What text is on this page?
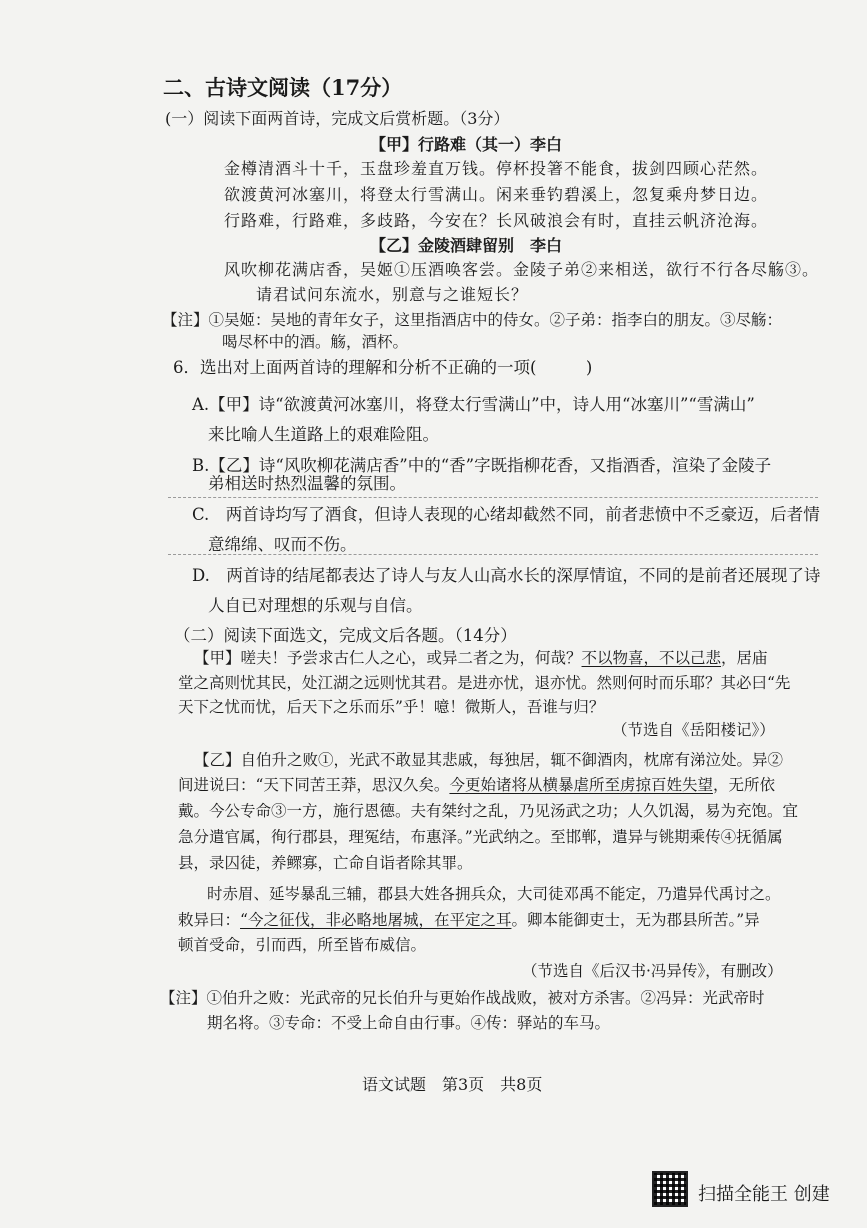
二、古诗文阅读（17分）
(一）阅读下面两首诗，完成文后赏析题。（3分）
【甲】行路难（其一）李白
金樽清酒斗十千，玉盘珍羞直万钱。停杯投箸不能食，拔剑四顾心茫然。
欲渡黄河冰塞川，将登太行雪满山。闲来垂钓碧溪上，忽复乘舟梦日边。
行路难，行路难，多歧路，今安在？长风破浪会有时，直挂云帆济沧海。
【乙】金陵酒肆留别　李白
风吹柳花满店香，吴姬①压酒唤客尝。金陵子弟②来相送，欲行不行各尽觞③。
请君试问东流水，别意与之谁短长？
【注】①吴姬：吴地的青年女子，这里指酒店中的侍女。②子弟：指李白的朋友。③尽觞：
喝尽杯中的酒。觞，酒杯。
6．选出对上面两首诗的理解和分析不正确的一项(　　　)
A.【甲】诗“欲渡黄河冰塞川，将登太行雪满山”中，诗人用“冰塞川”“雪满山”
来比喻人生道路上的艰难险阻。
B.【乙】诗“风吹柳花满店香”中的“香”字既指柳花香，又指酒香，渲染了金陵子
弟相送时热烈温馨的氛围。
C.　两首诗均写了酒食，但诗人表现的心绪却截然不同，前者悲愤中不乏豪迈，后者情
意绵绵、叹而不伤。
D.　两首诗的结尾都表达了诗人与友人山高水长的深厚情谊，不同的是前者还展现了诗
人自已对理想的乐观与自信。
（二）阅读下面选文，完成文后各题。（14分）
【甲】嗟夫！予尝求古仁人之心，或异二者之为，何哉？不以物喜，不以己悲，居庙
堂之高则忧其民，处江湖之远则忧其君。是进亦忧，退亦忧。然则何时而乐耶？其必曰“先
天下之忧而忧，后天下之乐而乐”乎！噫！微斯人，吾谁与归？
（节选自《岳阳楼记》）
【乙】自伯升之败①，光武不敢显其悲戚，每独居，辄不御酒肉，枕席有涕泣处。异②
间进说曰：“天下同苦王莽，思汉久矣。今更始诸将从横暴虐所至虏掠百姓失望，无所依
戴。今公专命③一方，施行恩德。夫有桀纣之乱，乃见汤武之功；人久饥渴，易为充饱。宜
急分遣官属，徇行郡县，理冤结，布惠泽。”光武纳之。至邯郸，遣异与铫期乘传④抚循属
县，录囚徒，养鳏寡，亡命自诣者除其罪。
时赤眉、延岑暴乱三辅，郡县大姓各拥兵众，大司徒邓禹不能定，乃遣异代禹讨之。
敕异曰：“今之征伐，非必略地屠城，在平定之耳。卿本能御吏士，无为郡县所苦。”异
顿首受命，引而西，所至皆布威信。
（节选自《后汉书·冯异传》，有删改）
【注】①伯升之败：光武帝的兄长伯升与更始作战战败，被对方杀害。②冯异：光武帝时
期名将。③专命：不受上命自由行事。④传：驿站的车马。
语文试题　第3页　共8页
扫描全能王 创建
